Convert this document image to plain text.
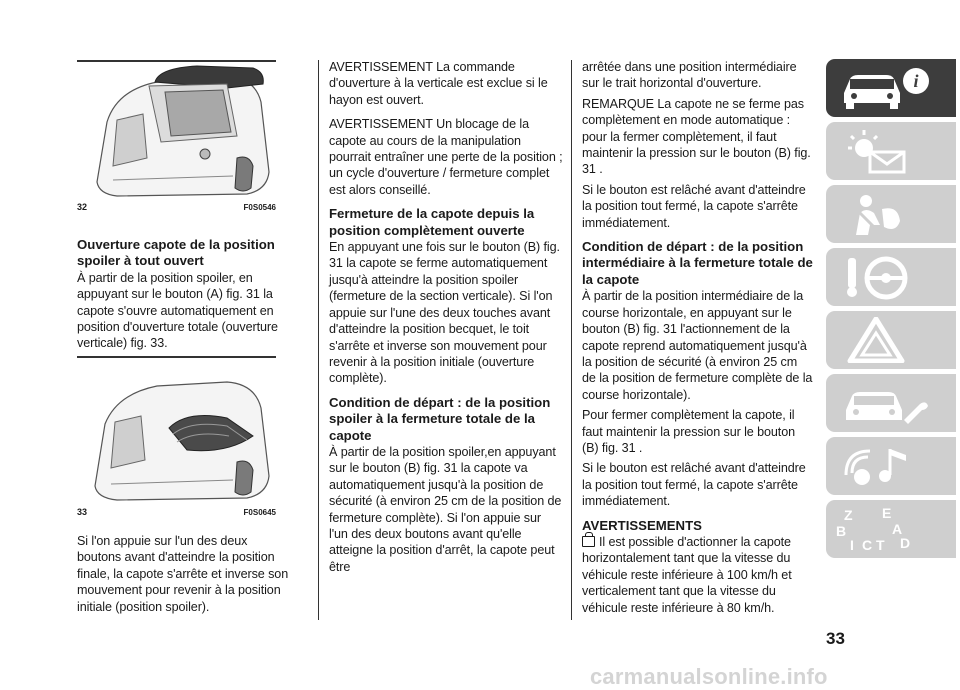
32	F0S0546
Ouverture capote de la position spoiler à tout ouvert

À partir de la position spoiler, en appuyant sur le bouton (A) fig. 31 la capote s'ouvre automatiquement en position d'ouverture totale (ouverture verticale) fig. 33.

33	F0S0645

Si l'on appuie sur l'un des deux boutons avant d'atteindre la position finale, la capote s'arrête et inverse son mouvement pour revenir à la position initiale (position spoiler).

AVERTISSEMENT La commande d'ouverture à la verticale est exclue si le hayon est ouvert.

AVERTISSEMENT Un blocage de la capote au cours de la manipulation pourrait entraîner une perte de la position ; un cycle d'ouverture / fermeture complet est alors conseillé.

Fermeture de la capote depuis la position complètement ouverte

En appuyant une fois sur le bouton (B) fig. 31 la capote se ferme automatiquement jusqu'à atteindre la position spoiler (fermeture de la section verticale). Si l'on appuie sur l'une des deux touches avant d'atteindre la position becquet, le toit s'arrête et inverse son mouvement pour revenir à la position initiale (ouverture complète).

Condition de départ : de la position spoiler à la fermeture totale de la capote

À partir de la position spoiler,en appuyant sur le bouton (B) fig. 31 la capote va automatiquement jusqu'à la position de sécurité (à environ 25 cm de la position de fermeture complète). Si l'on appuie sur l'un des deux boutons avant qu'elle atteigne la position d'arrêt, la capote peut être

arrêtée dans une position intermédiaire sur le trait horizontal d'ouverture.

REMARQUE La capote ne se ferme pas complètement en mode automatique : pour la fermer complètement, il faut maintenir la pression sur le bouton (B) fig. 31 .

Si le bouton est relâché avant d'atteindre la position tout fermé, la capote s'arrête immédiatement.

Condition de départ : de la position intermédiaire à la fermeture totale de la capote

À partir de la position intermédiaire de la course horizontale, en appuyant sur le bouton (B) fig. 31 l'actionnement de la capote reprend automatiquement jusqu'à la position de sécurité (à environ 25 cm de la position de fermeture complète de la course horizontale).

Pour fermer complètement la capote, il faut maintenir la pression sur le bouton (B) fig. 31 .

Si le bouton est relâché avant d'atteindre la position tout fermé, la capote s'arrête immédiatement.

AVERTISSEMENTS

Il est possible d'actionner la capote horizontalement tant que la vitesse du véhicule reste inférieure à 100 km/h et verticalement tant que la vitesse du véhicule reste inférieure à 80 km/h.

i
Z E
B	A
I C T D
33
carmanualsonline.info
